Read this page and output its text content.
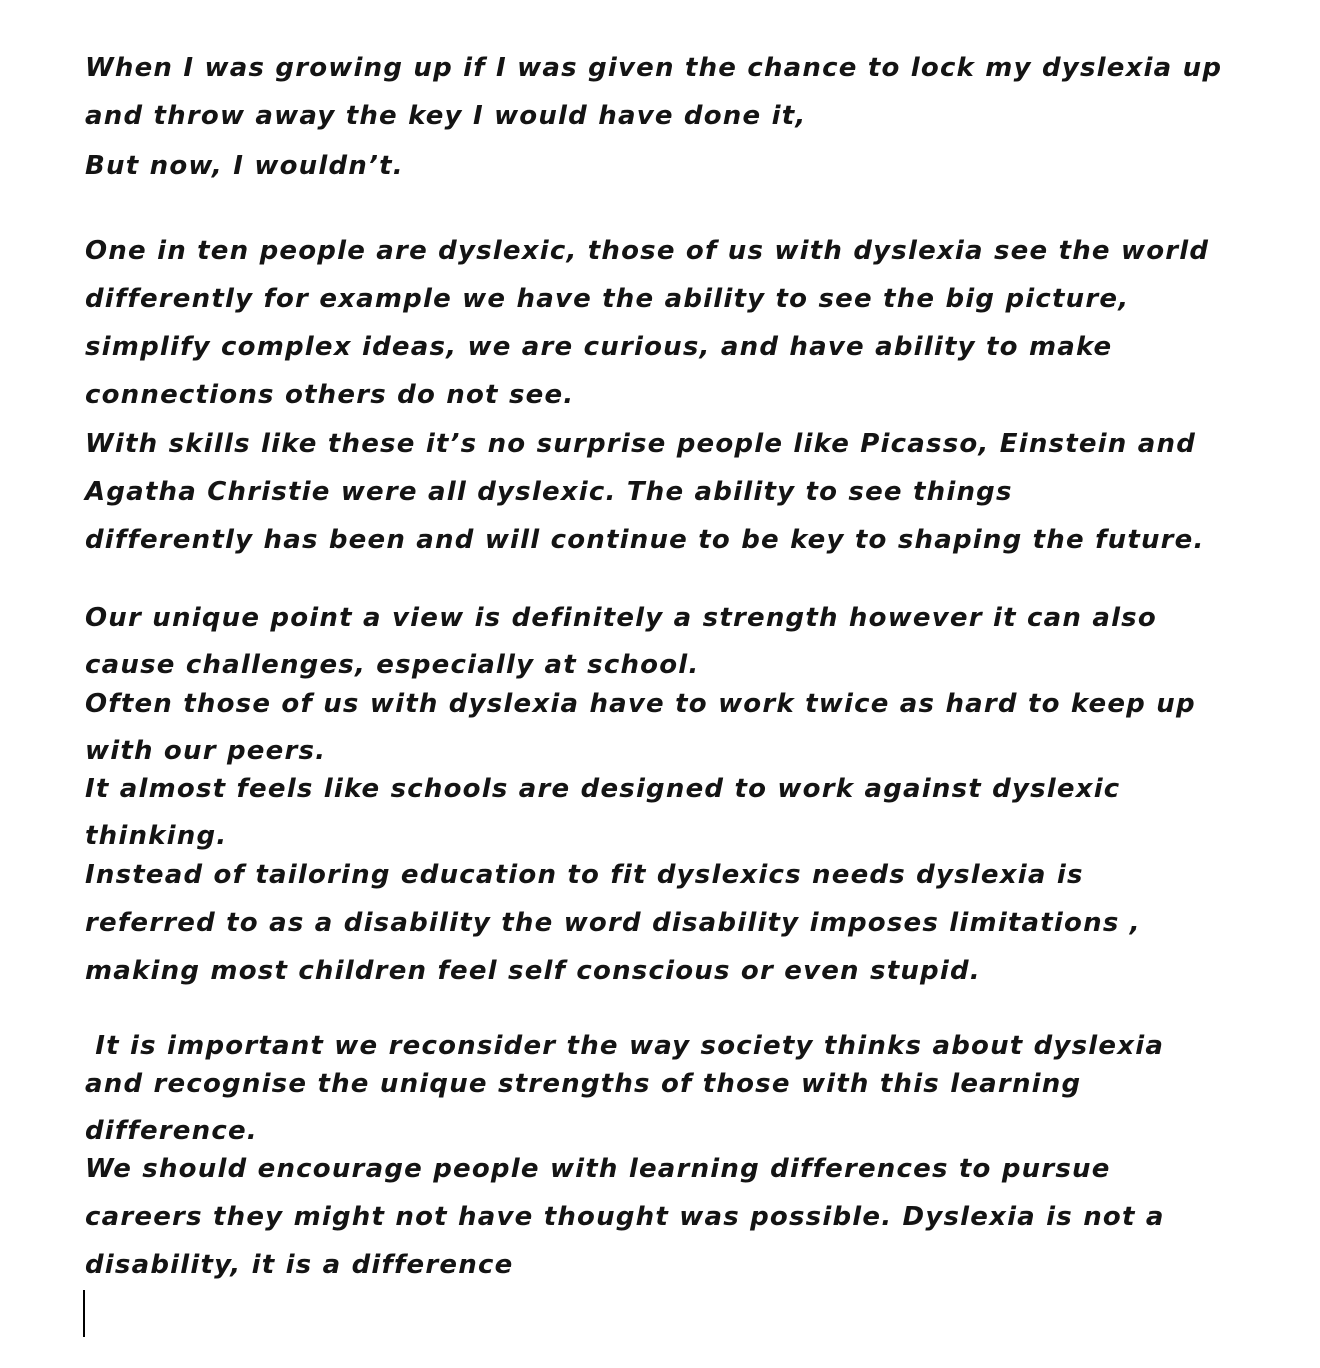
When I was growing up if I was given the chance to lock my dyslexia up
and throw away the key I would have done it,
But now, I wouldn’t.
One in ten people are dyslexic, those of us with dyslexia see the world
differently for example we have the ability to see the big picture,
simplify complex ideas, we are curious, and have ability to make
connections others do not see.
With skills like these it’s no surprise people like Picasso, Einstein and
Agatha Christie were all dyslexic. The ability to see things
differently has been and will continue to be key to shaping the future.
Our unique point a view is definitely a strength however it can also
cause challenges, especially at school.
Often those of us with dyslexia have to work twice as hard to keep up
with our peers.
It almost feels like schools are designed to work against dyslexic
thinking.
Instead of tailoring education to fit dyslexics needs dyslexia is
referred to as a disability the word disability imposes limitations ,
making most children feel self conscious or even stupid.
It is important we reconsider the way society thinks about dyslexia
and recognise the unique strengths of those with this learning
difference.
We should encourage people with learning differences to pursue
careers they might not have thought was possible. Dyslexia is not a
disability, it is a difference
